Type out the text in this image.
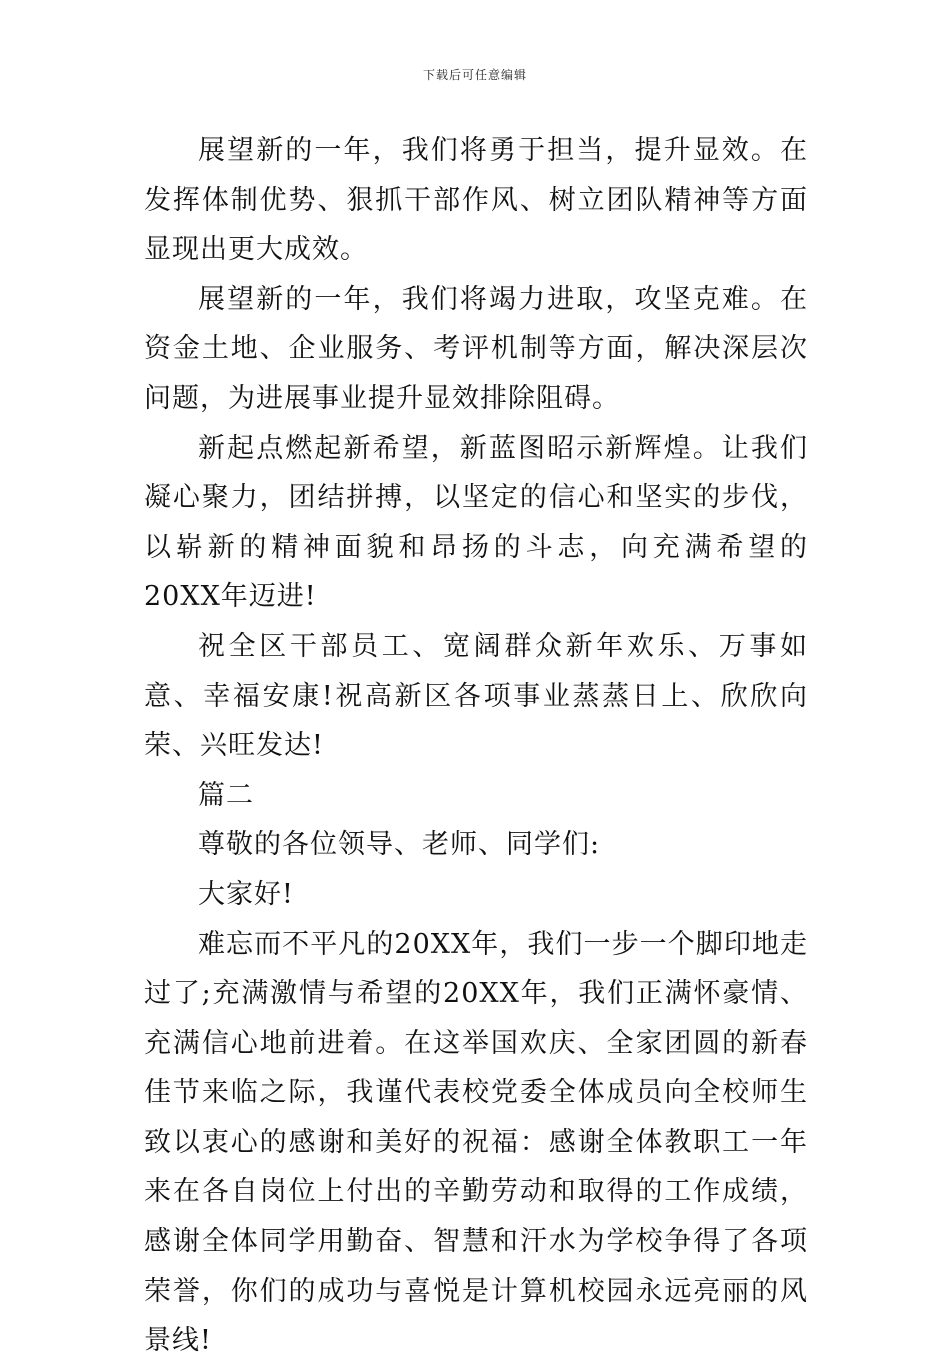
下载后可任意编辑

展望新的一年，我们将勇于担当，提升显效。在发挥体制优势、狠抓干部作风、树立团队精神等方面显现出更大成效。

展望新的一年，我们将竭力进取，攻坚克难。在资金土地、企业服务、考评机制等方面，解决深层次问题，为进展事业提升显效排除阻碍。

新起点燃起新希望，新蓝图昭示新辉煌。让我们凝心聚力，团结拼搏，以坚定的信心和坚实的步伐，以崭新的精神面貌和昂扬的斗志，向充满希望的20XX年迈进!

祝全区干部员工、宽阔群众新年欢乐、万事如意、幸福安康!祝高新区各项事业蒸蒸日上、欣欣向荣、兴旺发达!

篇二

尊敬的各位领导、老师、同学们:

大家好!

难忘而不平凡的20XX年，我们一步一个脚印地走过了;充满激情与希望的20XX年，我们正满怀豪情、充满信心地前进着。在这举国欢庆、全家团圆的新春佳节来临之际，我谨代表校党委全体成员向全校师生致以衷心的感谢和美好的祝福：感谢全体教职工一年来在各自岗位上付出的辛勤劳动和取得的工作成绩，感谢全体同学用勤奋、智慧和汗水为学校争得了各项荣誉，你们的成功与喜悦是计算机校园永远亮丽的风景线!
